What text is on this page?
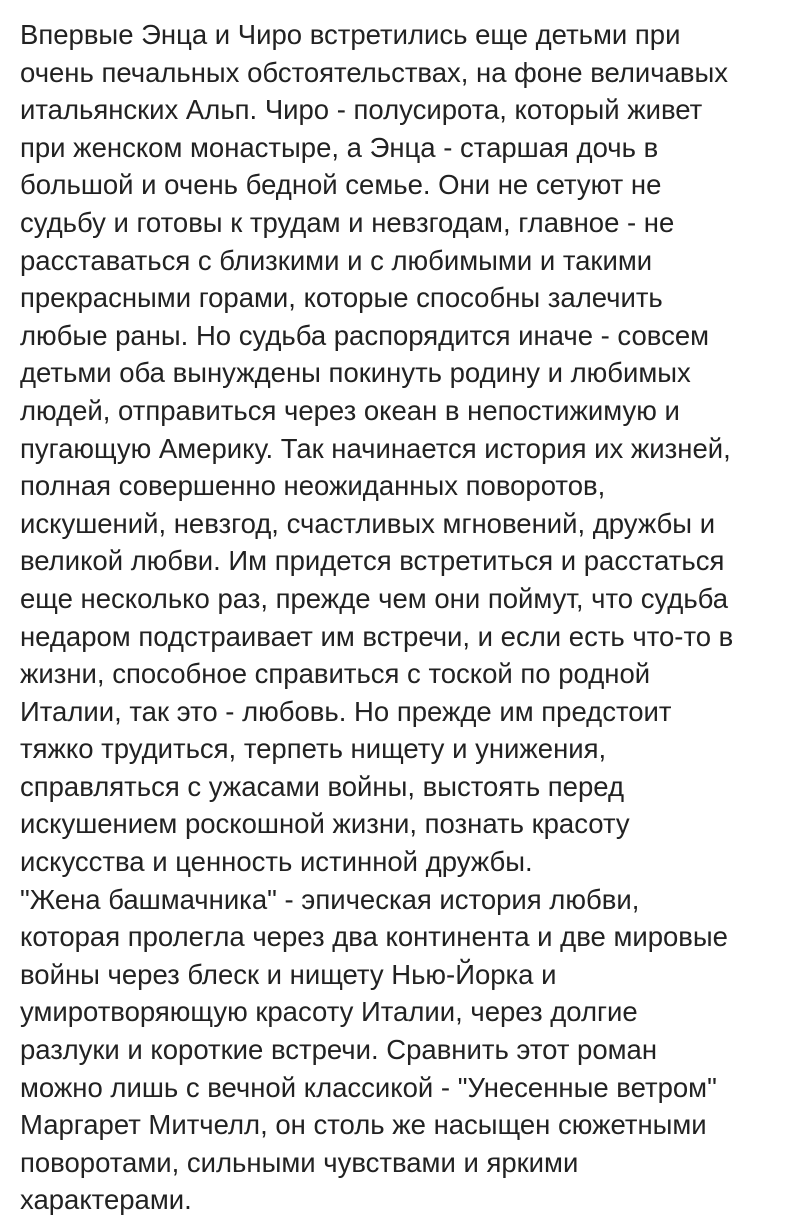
Впервые Энца и Чиро встретились еще детьми при
очень печальных обстоятельствах, на фоне величавых
итальянских Альп. Чиро - полусирота, который живет
при женском монастыре, а Энца - старшая дочь в
большой и очень бедной семье. Они не сетуют не
судьбу и готовы к трудам и невзгодам, главное - не
расставаться с близкими и с любимыми и такими
прекрасными горами, которые способны залечить
любые раны. Но судьба распорядится иначе - совсем
детьми оба вынуждены покинуть родину и любимых
людей, отправиться через океан в непостижимую и
пугающую Америку. Так начинается история их жизней,
полная совершенно неожиданных поворотов,
искушений, невзгод, счастливых мгновений, дружбы и
великой любви. Им придется встретиться и расстаться
еще несколько раз, прежде чем они поймут, что судьба
недаром подстраивает им встречи, и если есть что-то в
жизни, способное справиться с тоской по родной
Италии, так это - любовь. Но прежде им предстоит
тяжко трудиться, терпеть нищету и унижения,
справляться с ужасами войны, выстоять перед
искушением роскошной жизни, познать красоту
искусства и ценность истинной дружбы.
"Жена башмачника" - эпическая история любви,
которая пролегла через два континента и две мировые
войны через блеск и нищету Нью-Йорка и
умиротворяющую красоту Италии, через долгие
разлуки и короткие встречи. Сравнить этот роман
можно лишь с вечной классикой - "Унесенные ветром"
Маргарет Митчелл, он столь же насыщен сюжетными
поворотами, сильными чувствами и яркими
характерами.
